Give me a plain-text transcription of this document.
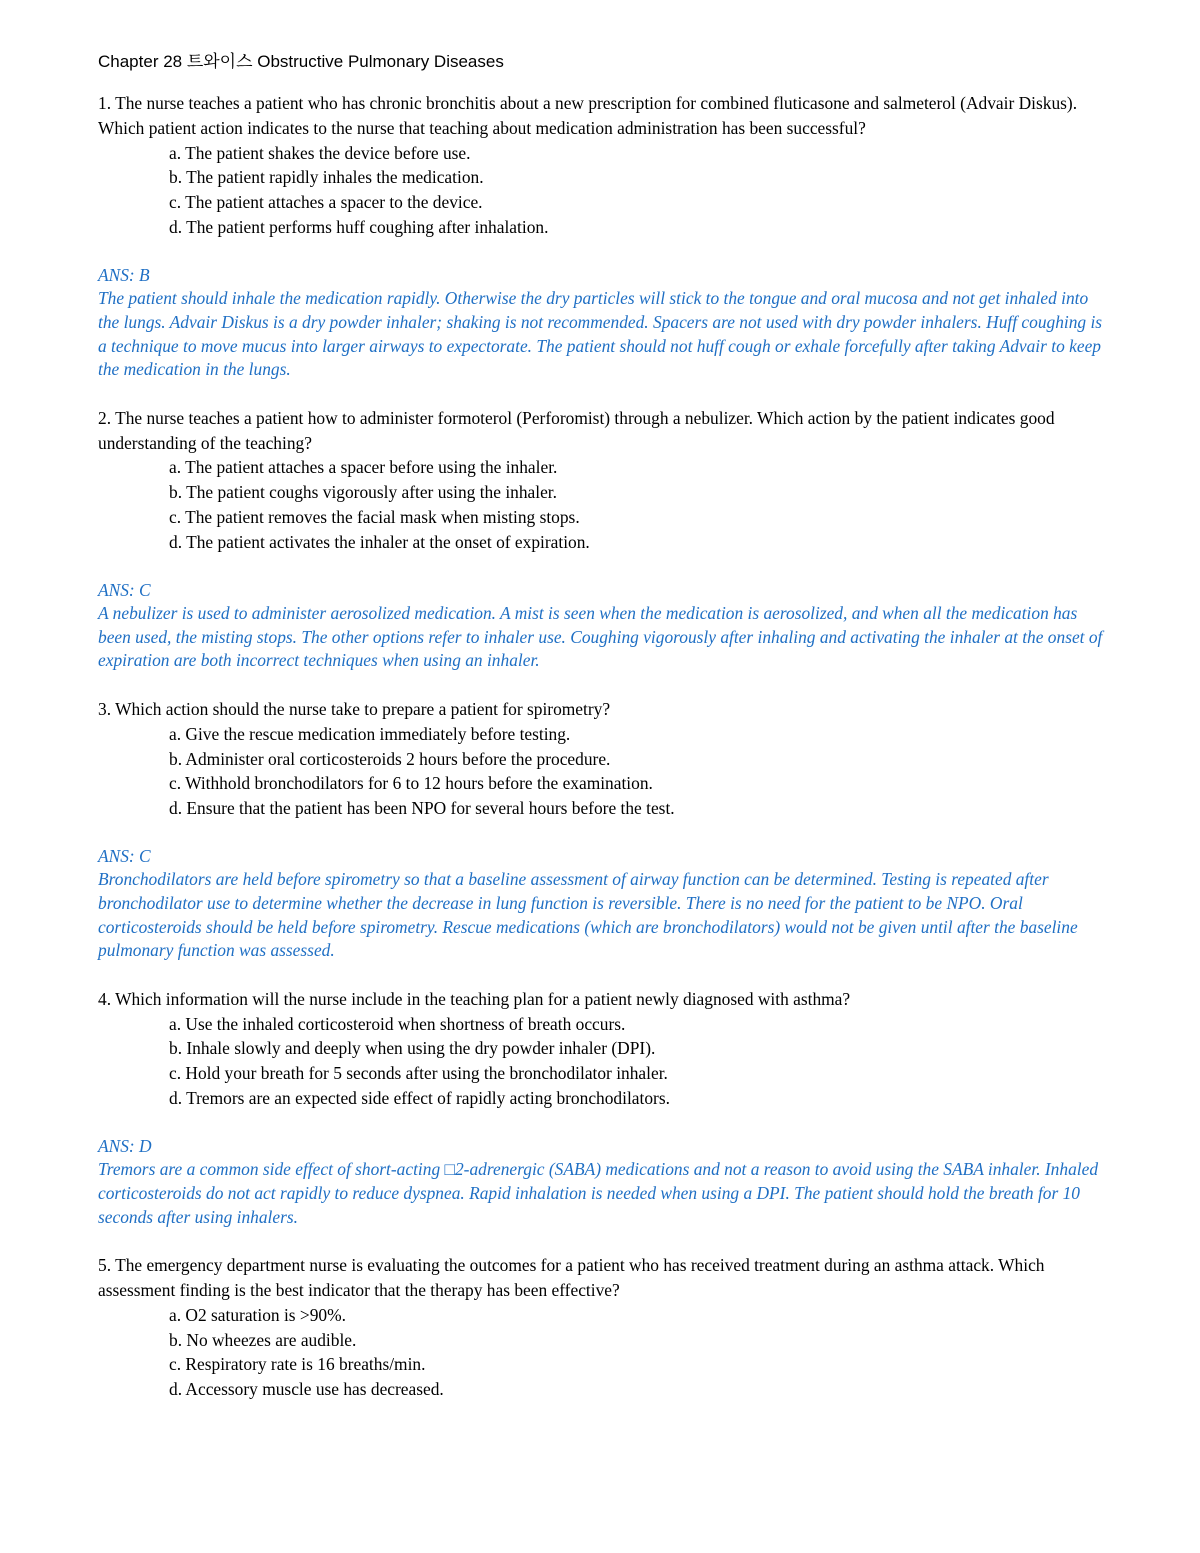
Chapter 28 트와이스 Obstructive Pulmonary Diseases

1. The nurse teaches a patient who has chronic bronchitis about a new prescription for combined fluticasone and salmeterol (Advair Diskus). Which patient action indicates to the nurse that teaching about medication administration has been successful?

a. The patient shakes the device before use.
b. The patient rapidly inhales the medication.
c. The patient attaches a spacer to the device.
d. The patient performs huff coughing after inhalation.

ANS: B

The patient should inhale the medication rapidly. Otherwise the dry particles will stick to the tongue and oral mucosa and not get inhaled into the lungs. Advair Diskus is a dry powder inhaler; shaking is not recommended. Spacers are not used with dry powder inhalers. Huff coughing is a technique to move mucus into larger airways to expectorate. The patient should not huff cough or exhale forcefully after taking Advair to keep the medication in the lungs.

2. The nurse teaches a patient how to administer formoterol (Perforomist) through a nebulizer. Which action by the patient indicates good understanding of the teaching?

a. The patient attaches a spacer before using the inhaler.
b. The patient coughs vigorously after using the inhaler.
c. The patient removes the facial mask when misting stops.
d. The patient activates the inhaler at the onset of expiration.

ANS: C

A nebulizer is used to administer aerosolized medication. A mist is seen when the medication is aerosolized, and when all the medication has been used, the misting stops. The other options refer to inhaler use. Coughing vigorously after inhaling and activating the inhaler at the onset of expiration are both incorrect techniques when using an inhaler.

3. Which action should the nurse take to prepare a patient for spirometry?

a. Give the rescue medication immediately before testing.
b. Administer oral corticosteroids 2 hours before the procedure.
c. Withhold bronchodilators for 6 to 12 hours before the examination.
d. Ensure that the patient has been NPO for several hours before the test.

ANS: C

Bronchodilators are held before spirometry so that a baseline assessment of airway function can be determined. Testing is repeated after bronchodilator use to determine whether the decrease in lung function is reversible. There is no need for the patient to be NPO. Oral corticosteroids should be held before spirometry. Rescue medications (which are bronchodilators) would not be given until after the baseline pulmonary function was assessed.

4. Which information will the nurse include in the teaching plan for a patient newly diagnosed with asthma?

a. Use the inhaled corticosteroid when shortness of breath occurs.
b. Inhale slowly and deeply when using the dry powder inhaler (DPI).
c. Hold your breath for 5 seconds after using the bronchodilator inhaler.
d. Tremors are an expected side effect of rapidly acting bronchodilators.

ANS: D

Tremors are a common side effect of short-acting □2-adrenergic (SABA) medications and not a reason to avoid using the SABA inhaler. Inhaled corticosteroids do not act rapidly to reduce dyspnea. Rapid inhalation is needed when using a DPI. The patient should hold the breath for 10 seconds after using inhalers.

5. The emergency department nurse is evaluating the outcomes for a patient who has received treatment during an asthma attack. Which assessment finding is the best indicator that the therapy has been effective?

a. O2 saturation is >90%.
b. No wheezes are audible.
c. Respiratory rate is 16 breaths/min.
d. Accessory muscle use has decreased.
